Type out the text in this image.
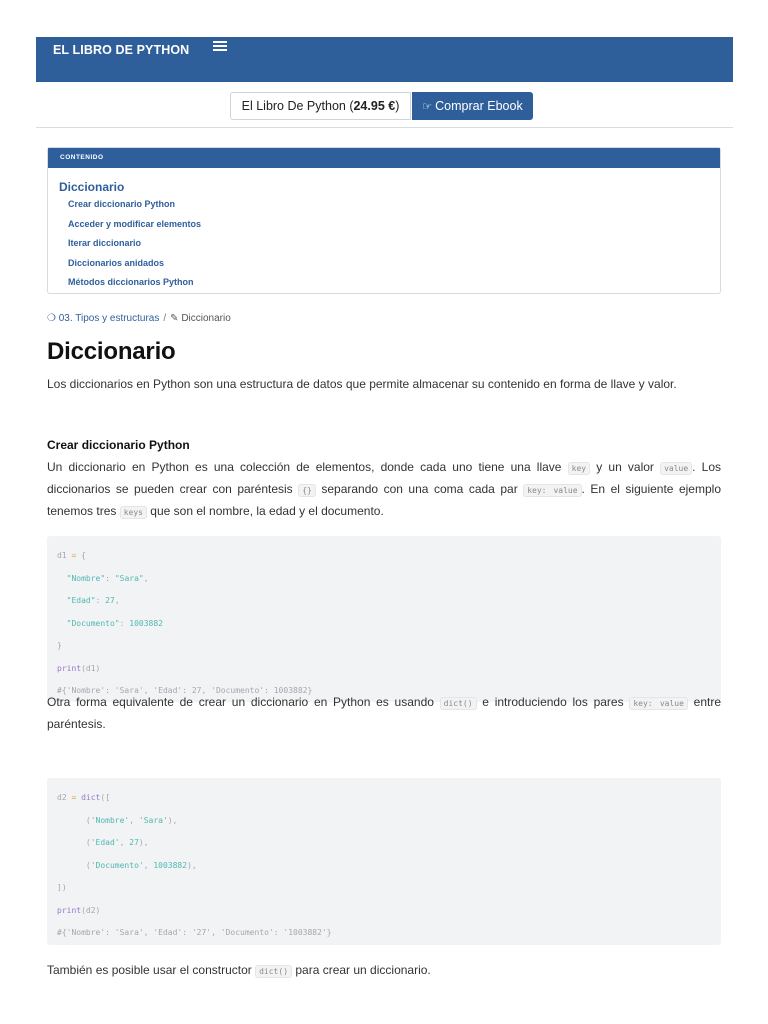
EL LIBRO DE PYTHON
El Libro De Python (24.95 €)	☞ Comprar Ebook
CONTENIDO
Diccionario
Crear diccionario Python
Acceder y modificar elementos
Iterar diccionario
Diccionarios anidados
Métodos diccionarios Python
❍ 03. Tipos y estructuras / ✎ Diccionario
Diccionario

Los diccionarios en Python son una estructura de datos que permite almacenar su contenido en forma de llave y valor.

Crear diccionario Python

Un diccionario en Python es una colección de elementos, donde cada uno tiene una llave key y un valor value . Los diccionarios se pueden crear con paréntesis {} separando con una coma cada par key: value . En el siguiente ejemplo tenemos tres keys que son el nombre, la edad y el documento.

d1 = {
"Nombre": "Sara",
"Edad": 27,
"Documento": 1003882
}
print(d1)
#{'Nombre': 'Sara', 'Edad': 27, 'Documento': 1003882}

Otra forma equivalente de crear un diccionario en Python es usando dict() e introduciendo los pares key: value entre paréntesis.

d2 = dict([
('Nombre', 'Sara'),
('Edad', 27),
('Documento', 1003882),
])
print(d2)
#{'Nombre': 'Sara', 'Edad': '27', 'Documento': '1003882'}

También es posible usar el constructor dict() para crear un diccionario.
